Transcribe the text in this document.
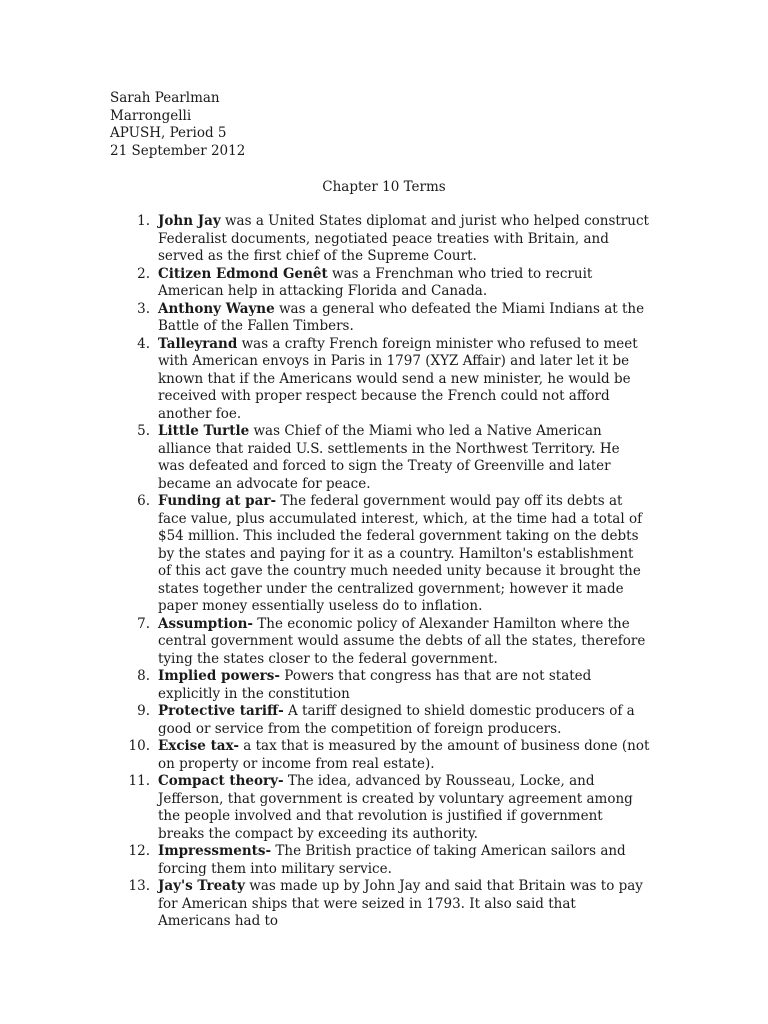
Sarah Pearlman
Marrongelli
APUSH, Period 5
21 September 2012
Chapter 10 Terms
1. John Jay was a United States diplomat and jurist who helped construct Federalist documents, negotiated peace treaties with Britain, and served as the first chief of the Supreme Court.
2. Citizen Edmond Genêt was a Frenchman who tried to recruit American help in attacking Florida and Canada.
3. Anthony Wayne was a general who defeated the Miami Indians at the Battle of the Fallen Timbers.
4. Talleyrand was a crafty French foreign minister who refused to meet with American envoys in Paris in 1797 (XYZ Affair) and later let it be known that if the Americans would send a new minister, he would be received with proper respect because the French could not afford another foe.
5. Little Turtle was Chief of the Miami who led a Native American alliance that raided U.S. settlements in the Northwest Territory. He was defeated and forced to sign the Treaty of Greenville and later became an advocate for peace.
6. Funding at par- The federal government would pay off its debts at face value, plus accumulated interest, which, at the time had a total of $54 million. This included the federal government taking on the debts by the states and paying for it as a country. Hamilton's establishment of this act gave the country much needed unity because it brought the states together under the centralized government; however it made paper money essentially useless do to inflation.
7. Assumption- The economic policy of Alexander Hamilton where the central government would assume the debts of all the states, therefore tying the states closer to the federal government.
8. Implied powers- Powers that congress has that are not stated explicitly in the constitution
9. Protective tariff- A tariff designed to shield domestic producers of a good or service from the competition of foreign producers.
10. Excise tax- a tax that is measured by the amount of business done (not on property or income from real estate).
11. Compact theory- The idea, advanced by Rousseau, Locke, and Jefferson, that government is created by voluntary agreement among the people involved and that revolution is justified if government breaks the compact by exceeding its authority.
12. Impressments- The British practice of taking American sailors and forcing them into military service.
13. Jay's Treaty was made up by John Jay and said that Britain was to pay for American ships that were seized in 1793. It also said that Americans had to
